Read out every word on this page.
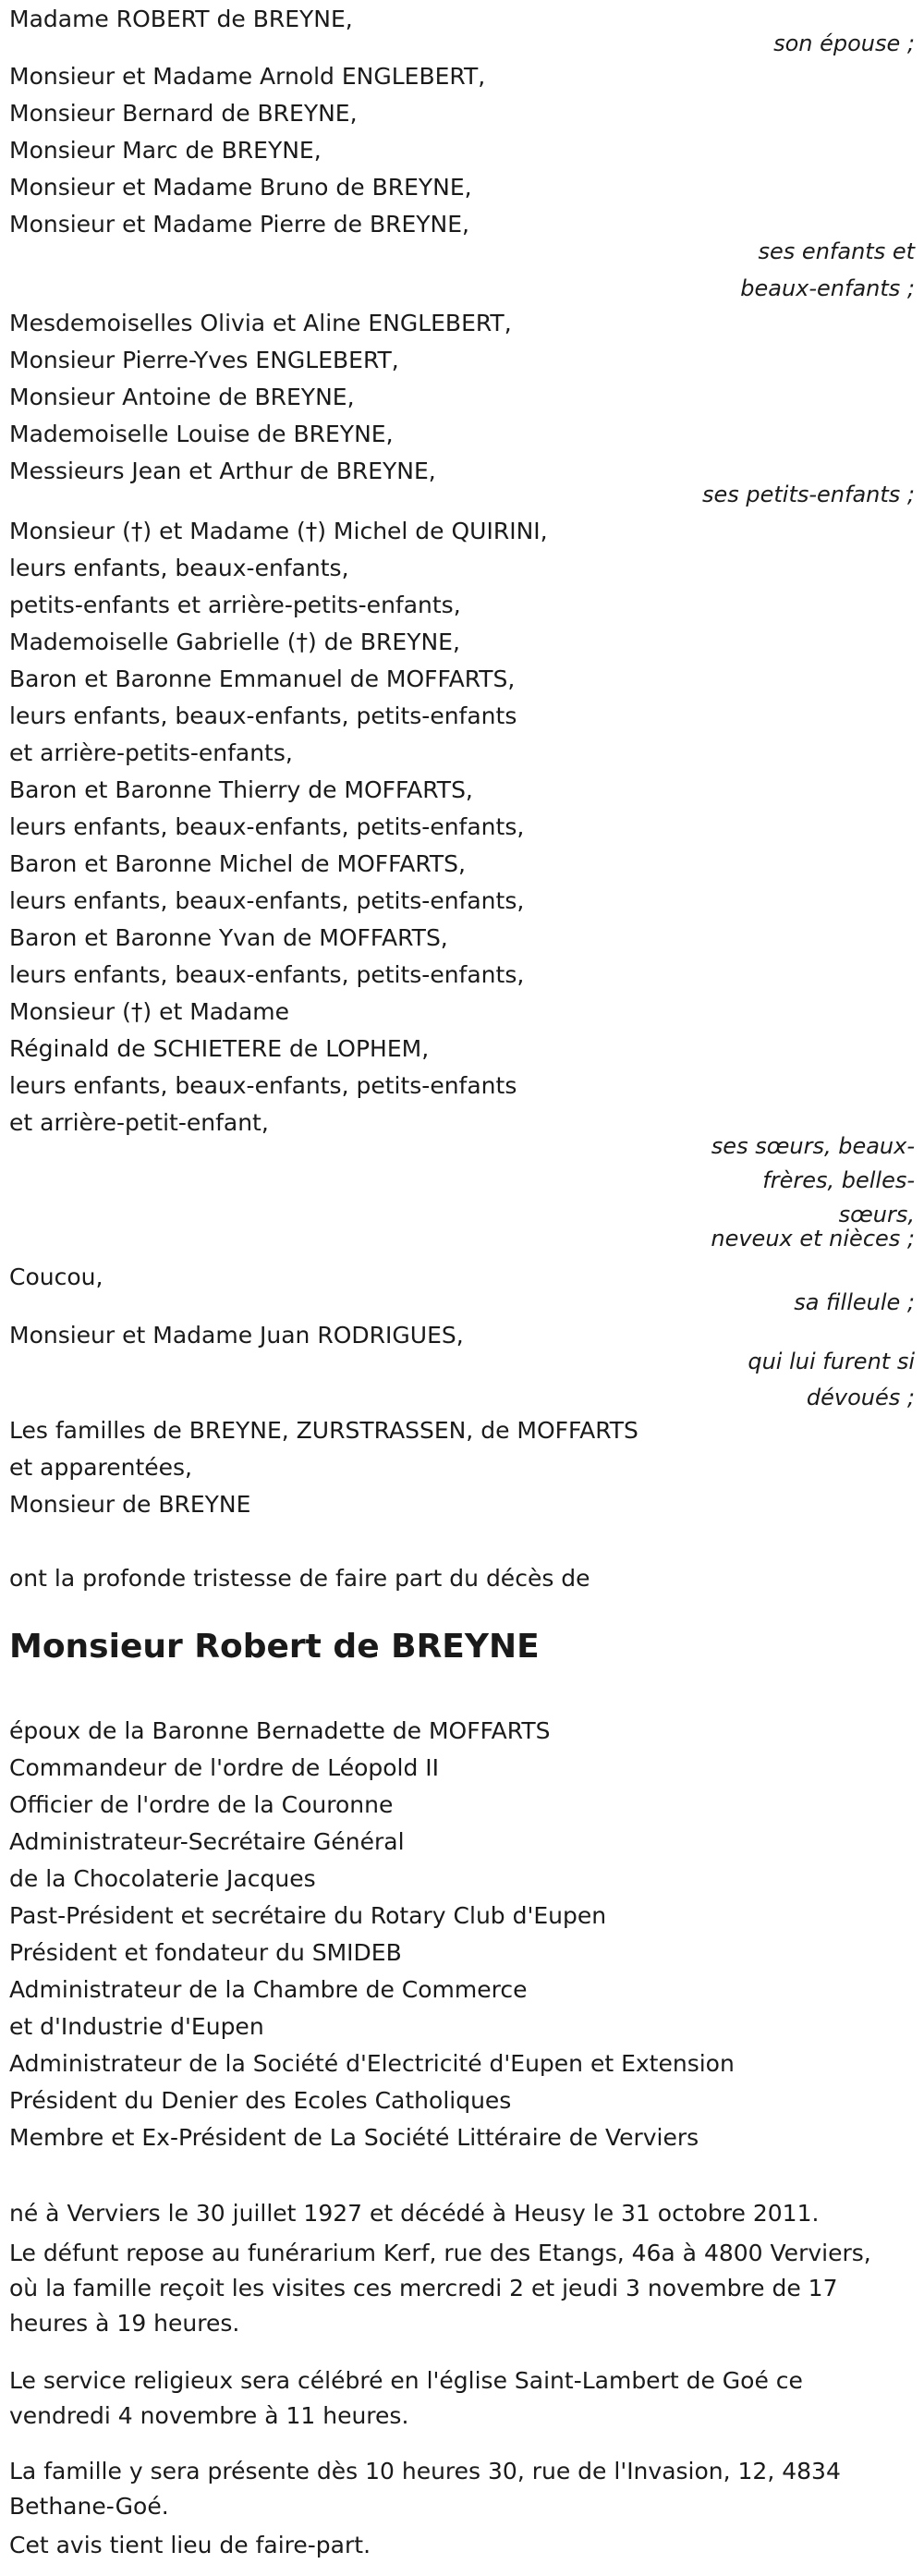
Madame ROBERT de BREYNE,
son épouse ;
Monsieur et Madame Arnold ENGLEBERT,
Monsieur Bernard de BREYNE,
Monsieur Marc de BREYNE,
Monsieur et Madame Bruno de BREYNE,
Monsieur et Madame Pierre de BREYNE,
ses enfants et
beaux-enfants ;
Mesdemoiselles Olivia et Aline ENGLEBERT,
Monsieur Pierre-Yves ENGLEBERT,
Monsieur Antoine de BREYNE,
Mademoiselle Louise de BREYNE,
Messieurs Jean et Arthur de BREYNE,
ses petits-enfants ;
Monsieur (†) et Madame (†) Michel de QUIRINI,
leurs enfants, beaux-enfants,
petits-enfants et arrière-petits-enfants,
Mademoiselle Gabrielle (†) de BREYNE,
Baron et Baronne Emmanuel de MOFFARTS,
leurs enfants, beaux-enfants, petits-enfants
et arrière-petits-enfants,
Baron et Baronne Thierry de MOFFARTS,
leurs enfants, beaux-enfants, petits-enfants,
Baron et Baronne Michel de MOFFARTS,
leurs enfants, beaux-enfants, petits-enfants,
Baron et Baronne Yvan de MOFFARTS,
leurs enfants, beaux-enfants, petits-enfants,
Monsieur (†) et Madame
Réginald de SCHIETERE de LOPHEM,
leurs enfants, beaux-enfants, petits-enfants
et arrière-petit-enfant,
ses sœurs, beaux-
frères, belles-
sœurs,
neveux et nièces ;
Coucou,
sa filleule ;
Monsieur et Madame Juan RODRIGUES,
qui lui furent si
dévoués ;
Les familles de BREYNE, ZURSTRASSEN, de MOFFARTS
et apparentées,
Monsieur de BREYNE
ont la profonde tristesse de faire part du décès de
Monsieur Robert de BREYNE
époux de la Baronne Bernadette de MOFFARTS
Commandeur de l'ordre de Léopold II
Officier de l'ordre de la Couronne
Administrateur-Secrétaire Général
de la Chocolaterie Jacques
Past-Président et secrétaire du Rotary Club d'Eupen
Président et fondateur du SMIDEB
Administrateur de la Chambre de Commerce
et d'Industrie d'Eupen
Administrateur de la Société d'Electricité d'Eupen et Extension
Président du Denier des Ecoles Catholiques
Membre et Ex-Président de La Société Littéraire de Verviers
né à Verviers le 30 juillet 1927 et décédé à Heusy le 31 octobre 2011.
Le défunt repose au funérarium Kerf, rue des Etangs, 46a à 4800 Verviers, où la famille reçoit les visites ces mercredi 2 et jeudi 3 novembre de 17 heures à 19 heures.
Le service religieux sera célébré en l'église Saint-Lambert de Goé ce vendredi 4 novembre à 11 heures.
La famille y sera présente dès 10 heures 30, rue de l'Invasion, 12, 4834 Bethane-Goé.
Cet avis tient lieu de faire-part.
